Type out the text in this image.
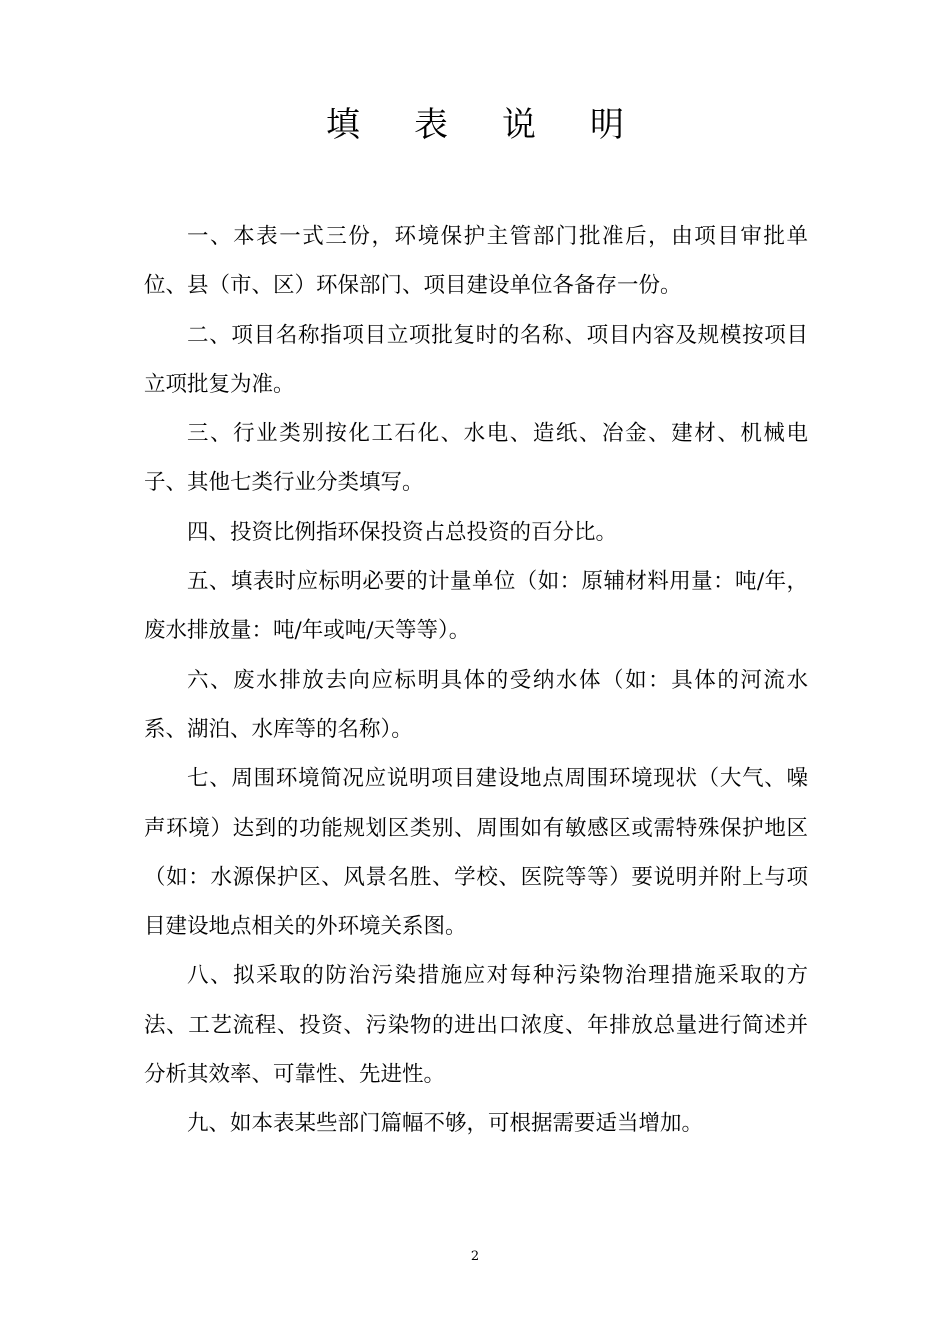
填表说明

一、本表一式三份，环境保护主管部门批准后，由项目审批单位、县（市、区）环保部门、项目建设单位各备存一份。

二、项目名称指项目立项批复时的名称、项目内容及规模按项目立项批复为准。

三、行业类别按化工石化、水电、造纸、冶金、建材、机械电子、其他七类行业分类填写。

四、投资比例指环保投资占总投资的百分比。

五、填表时应标明必要的计量单位（如：原辅材料用量：吨/年，废水排放量：吨/年或吨/天等等）。

六、废水排放去向应标明具体的受纳水体（如：具体的河流水系、湖泊、水库等的名称）。

七、周围环境简况应说明项目建设地点周围环境现状（大气、噪声环境）达到的功能规划区类别、周围如有敏感区或需特殊保护地区（如：水源保护区、风景名胜、学校、医院等等）要说明并附上与项目建设地点相关的外环境关系图。

八、拟采取的防治污染措施应对每种污染物治理措施采取的方法、工艺流程、投资、污染物的进出口浓度、年排放总量进行简述并分析其效率、可靠性、先进性。

九、如本表某些部门篇幅不够，可根据需要适当增加。

2
